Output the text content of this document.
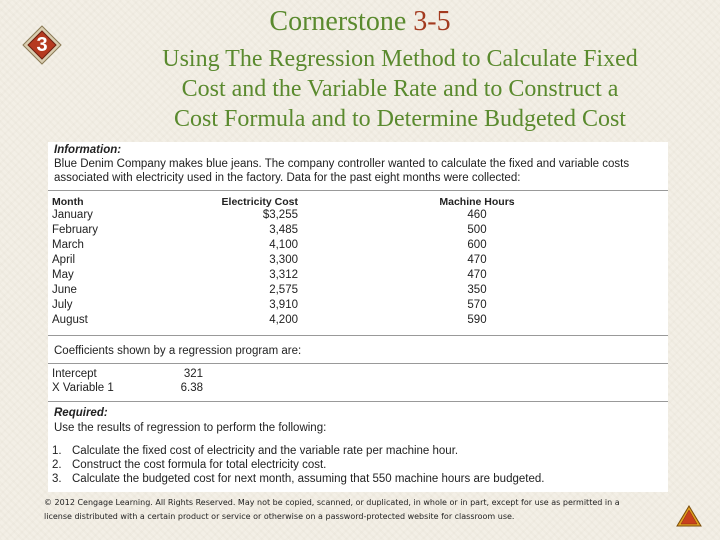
3
Cornerstone 3-5
Using The Regression Method to Calculate Fixed
Cost and the Variable Rate and to Construct a
Cost Formula and to Determine Budgeted Cost
Information:
Blue Denim Company makes blue jeans. The company controller wanted to calculate the fixed and variable costs
associated with electricity used in the factory. Data for the past eight months were collected:
Month	Electricity Cost	Machine Hours
January	$3,255	460
February	3,485	500
March	4,100	600
April	3,300	470
May	3,312	470
June	2,575	350
July	3,910	570
August	4,200	590
Coefficients shown by a regression program are:
Intercept	321
X Variable 1	6.38
Required:
Use the results of regression to perform the following:
1. Calculate the fixed cost of electricity and the variable rate per machine hour.
2. Construct the cost formula for total electricity cost.
3. Calculate the budgeted cost for next month, assuming that 550 machine hours are budgeted.
© 2012 Cengage Learning. All Rights Reserved. May not be copied, scanned, or duplicated, in whole or in part, except for use as permitted in a
license distributed with a certain product or service or otherwise on a password-protected website for classroom use.
